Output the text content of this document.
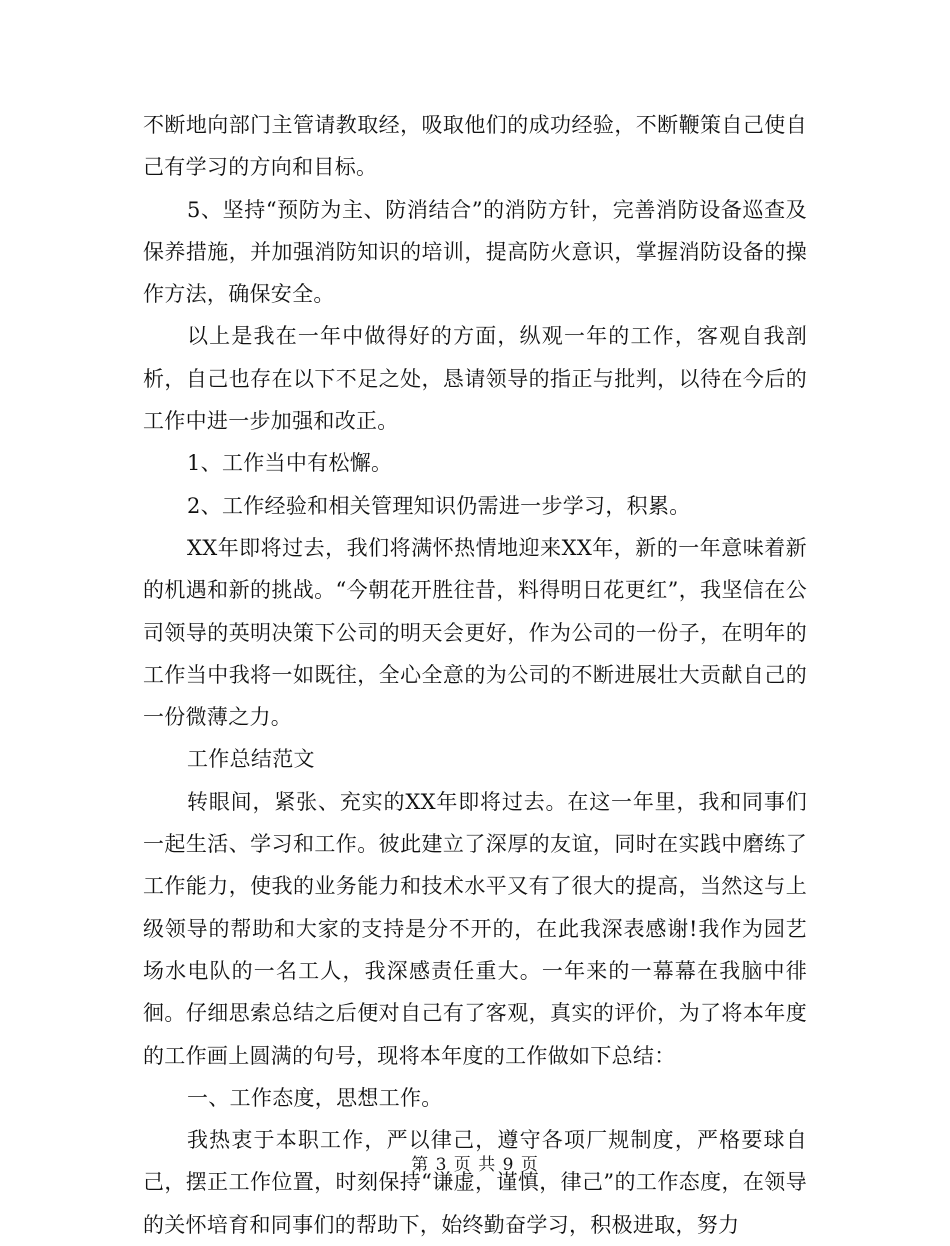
不断地向部门主管请教取经，吸取他们的成功经验，不断鞭策自己使自己有学习的方向和目标。

5、坚持“预防为主、防消结合”的消防方针，完善消防设备巡查及保养措施，并加强消防知识的培训，提高防火意识，掌握消防设备的操作方法，确保安全。

以上是我在一年中做得好的方面，纵观一年的工作，客观自我剖析，自己也存在以下不足之处，恳请领导的指正与批判，以待在今后的工作中进一步加强和改正。

1、工作当中有松懈。

2、工作经验和相关管理知识仍需进一步学习，积累。

XX年即将过去，我们将满怀热情地迎来XX年，新的一年意味着新的机遇和新的挑战。“今朝花开胜往昔，料得明日花更红”，我坚信在公司领导的英明决策下公司的明天会更好，作为公司的一份子，在明年的工作当中我将一如既往，全心全意的为公司的不断进展壮大贡献自己的一份微薄之力。

工作总结范文

转眼间，紧张、充实的XX年即将过去。在这一年里，我和同事们一起生活、学习和工作。彼此建立了深厚的友谊，同时在实践中磨练了工作能力，使我的业务能力和技术水平又有了很大的提高，当然这与上级领导的帮助和大家的支持是分不开的，在此我深表感谢!我作为园艺场水电队的一名工人，我深感责任重大。一年来的一幕幕在我脑中徘徊。仔细思索总结之后便对自己有了客观，真实的评价，为了将本年度的工作画上圆满的句号，现将本年度的工作做如下总结：

一、工作态度，思想工作。

我热衷于本职工作，严以律己，遵守各项厂规制度，严格要球自己，摆正工作位置，时刻保持“谦虚，谨慎，律己”的工作态度，在领导的关怀培育和同事们的帮助下，始终勤奋学习，积极进取，努力

第 3 页 共 9 页
